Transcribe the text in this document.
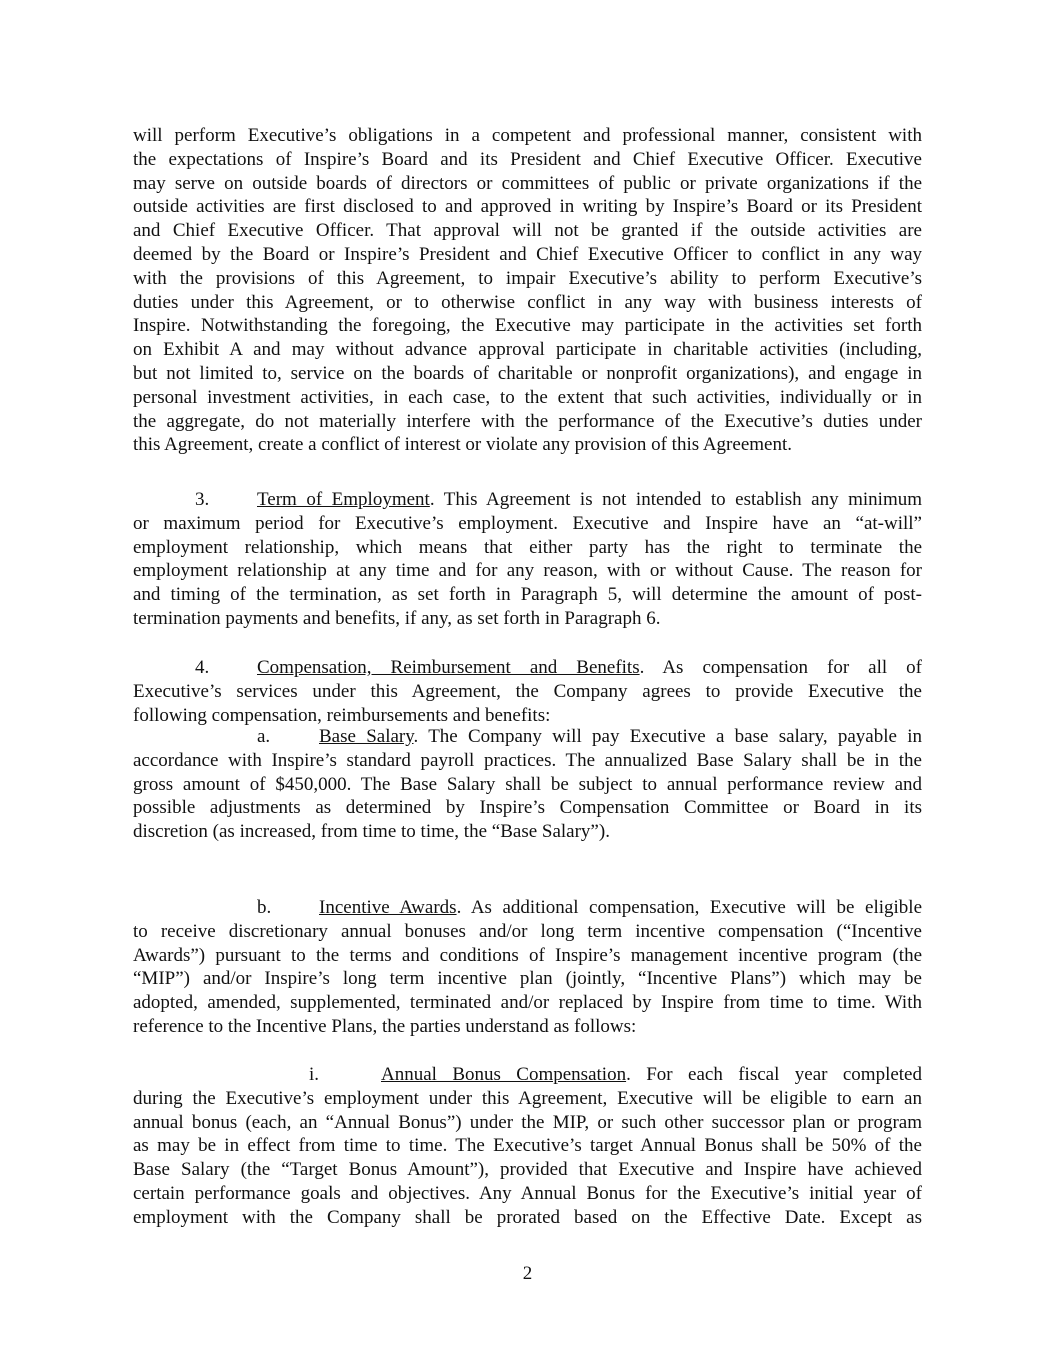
will perform Executive’s obligations in a competent and professional manner, consistent with
the expectations of Inspire’s Board and its President and Chief Executive Officer. Executive
may serve on outside boards of directors or committees of public or private organizations if the
outside activities are first disclosed to and approved in writing by Inspire’s Board or its President
and Chief Executive Officer. That approval will not be granted if the outside activities are
deemed by the Board or Inspire’s President and Chief Executive Officer to conflict in any way
with the provisions of this Agreement, to impair Executive’s ability to perform Executive’s
duties under this Agreement, or to otherwise conflict in any way with business interests of
Inspire. Notwithstanding the foregoing, the Executive may participate in the activities set forth
on Exhibit A and may without advance approval participate in charitable activities (including,
but not limited to, service on the boards of charitable or nonprofit organizations), and engage in
personal investment activities, in each case, to the extent that such activities, individually or in
the aggregate, do not materially interfere with the performance of the Executive’s duties under
this Agreement, create a conflict of interest or violate any provision of this Agreement.
3.	Term of Employment. This Agreement is not intended to establish any minimum
or maximum period for Executive’s employment. Executive and Inspire have an “at-will”
employment relationship, which means that either party has the right to terminate the
employment relationship at any time and for any reason, with or without Cause. The reason for
and timing of the termination, as set forth in Paragraph 5, will determine the amount of post-
termination payments and benefits, if any, as set forth in Paragraph 6.
4.	Compensation, Reimbursement and Benefits. As compensation for all of
Executive’s services under this Agreement, the Company agrees to provide Executive the
following compensation, reimbursements and benefits:
a.	Base Salary. The Company will pay Executive a base salary, payable in
accordance with Inspire’s standard payroll practices. The annualized Base Salary shall be in the
gross amount of $450,000. The Base Salary shall be subject to annual performance review and
possible adjustments as determined by Inspire’s Compensation Committee or Board in its
discretion (as increased, from time to time, the “Base Salary”).
b.	Incentive Awards. As additional compensation, Executive will be eligible
to receive discretionary annual bonuses and/or long term incentive compensation (“Incentive
Awards”) pursuant to the terms and conditions of Inspire’s management incentive program (the
“MIP”) and/or Inspire’s long term incentive plan (jointly, “Incentive Plans”) which may be
adopted, amended, supplemented, terminated and/or replaced by Inspire from time to time. With
reference to the Incentive Plans, the parties understand as follows:
i.	Annual Bonus Compensation. For each fiscal year completed
during the Executive’s employment under this Agreement, Executive will be eligible to earn an
annual bonus (each, an “Annual Bonus”) under the MIP, or such other successor plan or program
as may be in effect from time to time. The Executive’s target Annual Bonus shall be 50% of the
Base Salary (the “Target Bonus Amount”), provided that Executive and Inspire have achieved
certain performance goals and objectives. Any Annual Bonus for the Executive’s initial year of
employment with the Company shall be prorated based on the Effective Date. Except as
2
